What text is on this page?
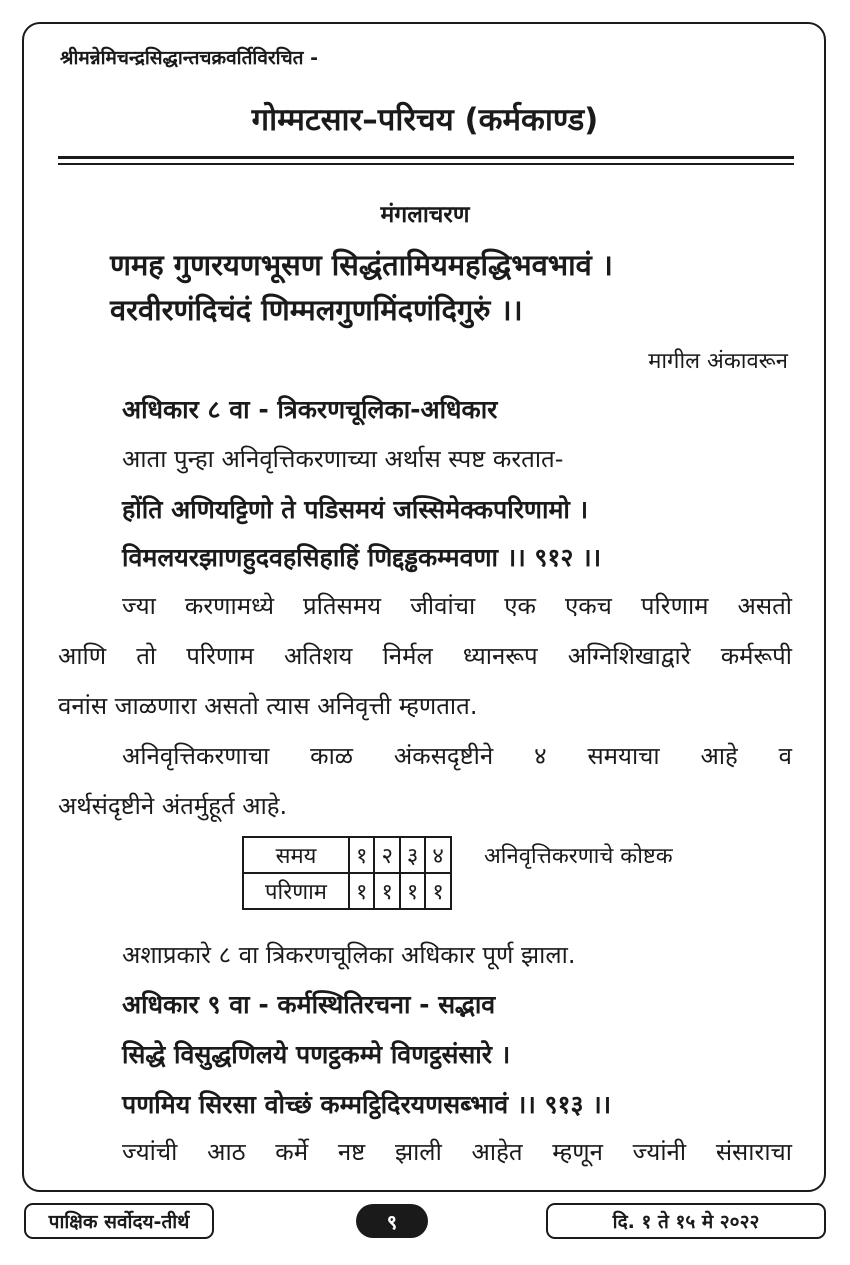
श्रीमन्नेमिचन्द्रसिद्धान्तचक्रवर्तिविरचित -
गोम्मटसार–परिचय (कर्मकाण्ड)
मंगलाचरण
णमह गुणरयणभूसण सिद्धंतामियमहद्धिभवभावं ।
वरवीरणंदिचंदं णिम्मलगुणमिंदणंदिगुरुं ।।
मागील अंकावरून
अधिकार ८ वा - त्रिकरणचूलिका-अधिकार
आता पुन्हा अनिवृत्तिकरणाच्या अर्थास स्पष्ट करतात-
होंति अणियट्टिणो ते पडिसमयं जस्सिमेक्कपरिणामो ।
विमलयरझाणहुदवहसिहाहिं णिद्दड्ढकम्मवणा ।। ९१२ ।।
ज्या करणामध्ये प्रतिसमय जीवांचा एक एकच परिणाम असतो
आणि तो परिणाम अतिशय निर्मल ध्यानरूप अग्निशिखाद्वारे कर्मरूपी
वनांस जाळणारा असतो त्यास अनिवृत्ती म्हणतात.
अनिवृत्तिकरणाचा काळ अंकसदृष्टीने ४ समयाचा आहे व
अर्थसंदृष्टीने अंतर्मुहूर्त आहे.
समय	१	२	३	४
परिणाम	१	१	१	१
अनिवृत्तिकरणाचे कोष्टक
अशाप्रकारे ८ वा त्रिकरणचूलिका अधिकार पूर्ण झाला.
अधिकार ९ वा - कर्मस्थितिरचना - सद्भाव
सिद्धे विसुद्धणिलये पणट्ठकम्मे विणट्ठसंसारे ।
पणमिय सिरसा वोच्छं कम्मट्ठिदिरयणसब्भावं ।। ९१३ ।।
ज्यांची आठ कर्मे नष्ट झाली आहेत म्हणून ज्यांनी संसाराचा
पाक्षिक सर्वोदय-तीर्थ	९	दि. १ ते १५ मे २०२२
